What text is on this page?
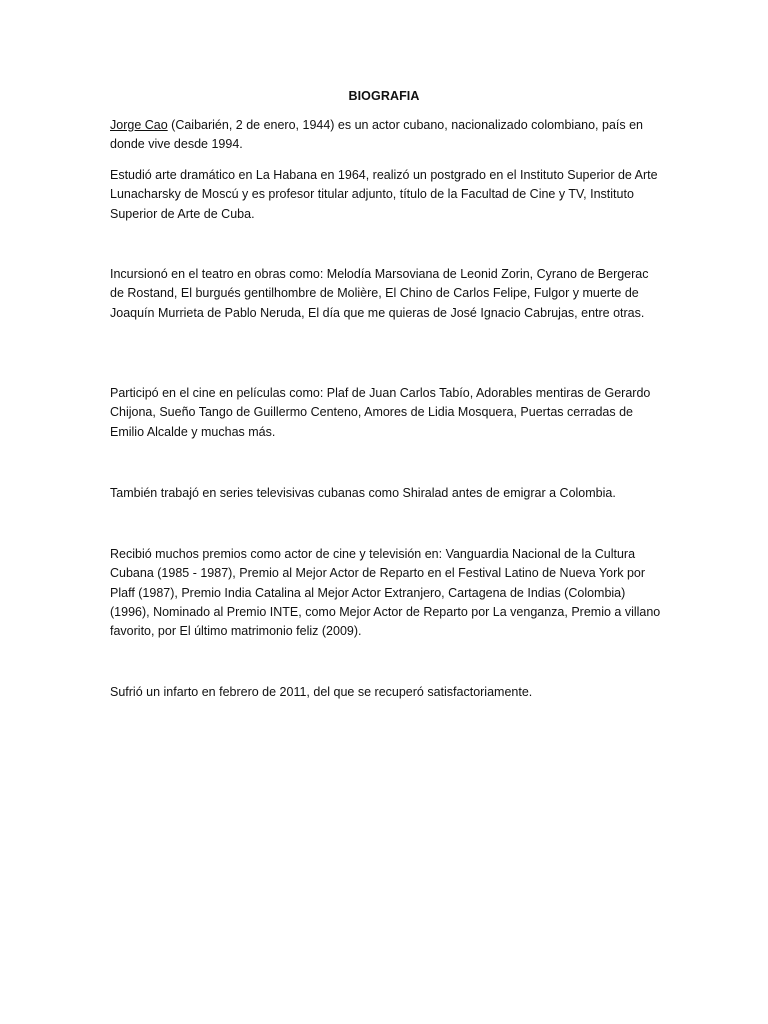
BIOGRAFIA

Jorge Cao (Caibarién, 2 de enero, 1944) es un actor cubano, nacionalizado colombiano, país en donde vive desde 1994.

Estudió arte dramático en La Habana en 1964, realizó un postgrado en el Instituto Superior de Arte Lunacharsky de Moscú y es profesor titular adjunto, título de la Facultad de Cine y TV, Instituto Superior de Arte de Cuba.

Incursionó en el teatro en obras como: Melodía Marsoviana de Leonid Zorin, Cyrano de Bergerac de Rostand, El burgués gentilhombre de Molière, El Chino de Carlos Felipe, Fulgor y muerte de Joaquín Murrieta de Pablo Neruda, El día que me quieras de José Ignacio Cabrujas, entre otras.

Participó en el cine en películas como: Plaf de Juan Carlos Tabío, Adorables mentiras de Gerardo Chijona, Sueño Tango de Guillermo Centeno, Amores de Lidia Mosquera, Puertas cerradas de Emilio Alcalde y muchas más.

También trabajó en series televisivas cubanas como Shiralad antes de emigrar a Colombia.

Recibió muchos premios como actor de cine y televisión en: Vanguardia Nacional de la Cultura Cubana (1985 - 1987), Premio al Mejor Actor de Reparto en el Festival Latino de Nueva York por Plaff (1987), Premio India Catalina al Mejor Actor Extranjero, Cartagena de Indias (Colombia) (1996), Nominado al Premio INTE, como Mejor Actor de Reparto por La venganza, Premio a villano favorito, por El último matrimonio feliz (2009).

Sufrió un infarto en febrero de 2011, del que se recuperó satisfactoriamente.
